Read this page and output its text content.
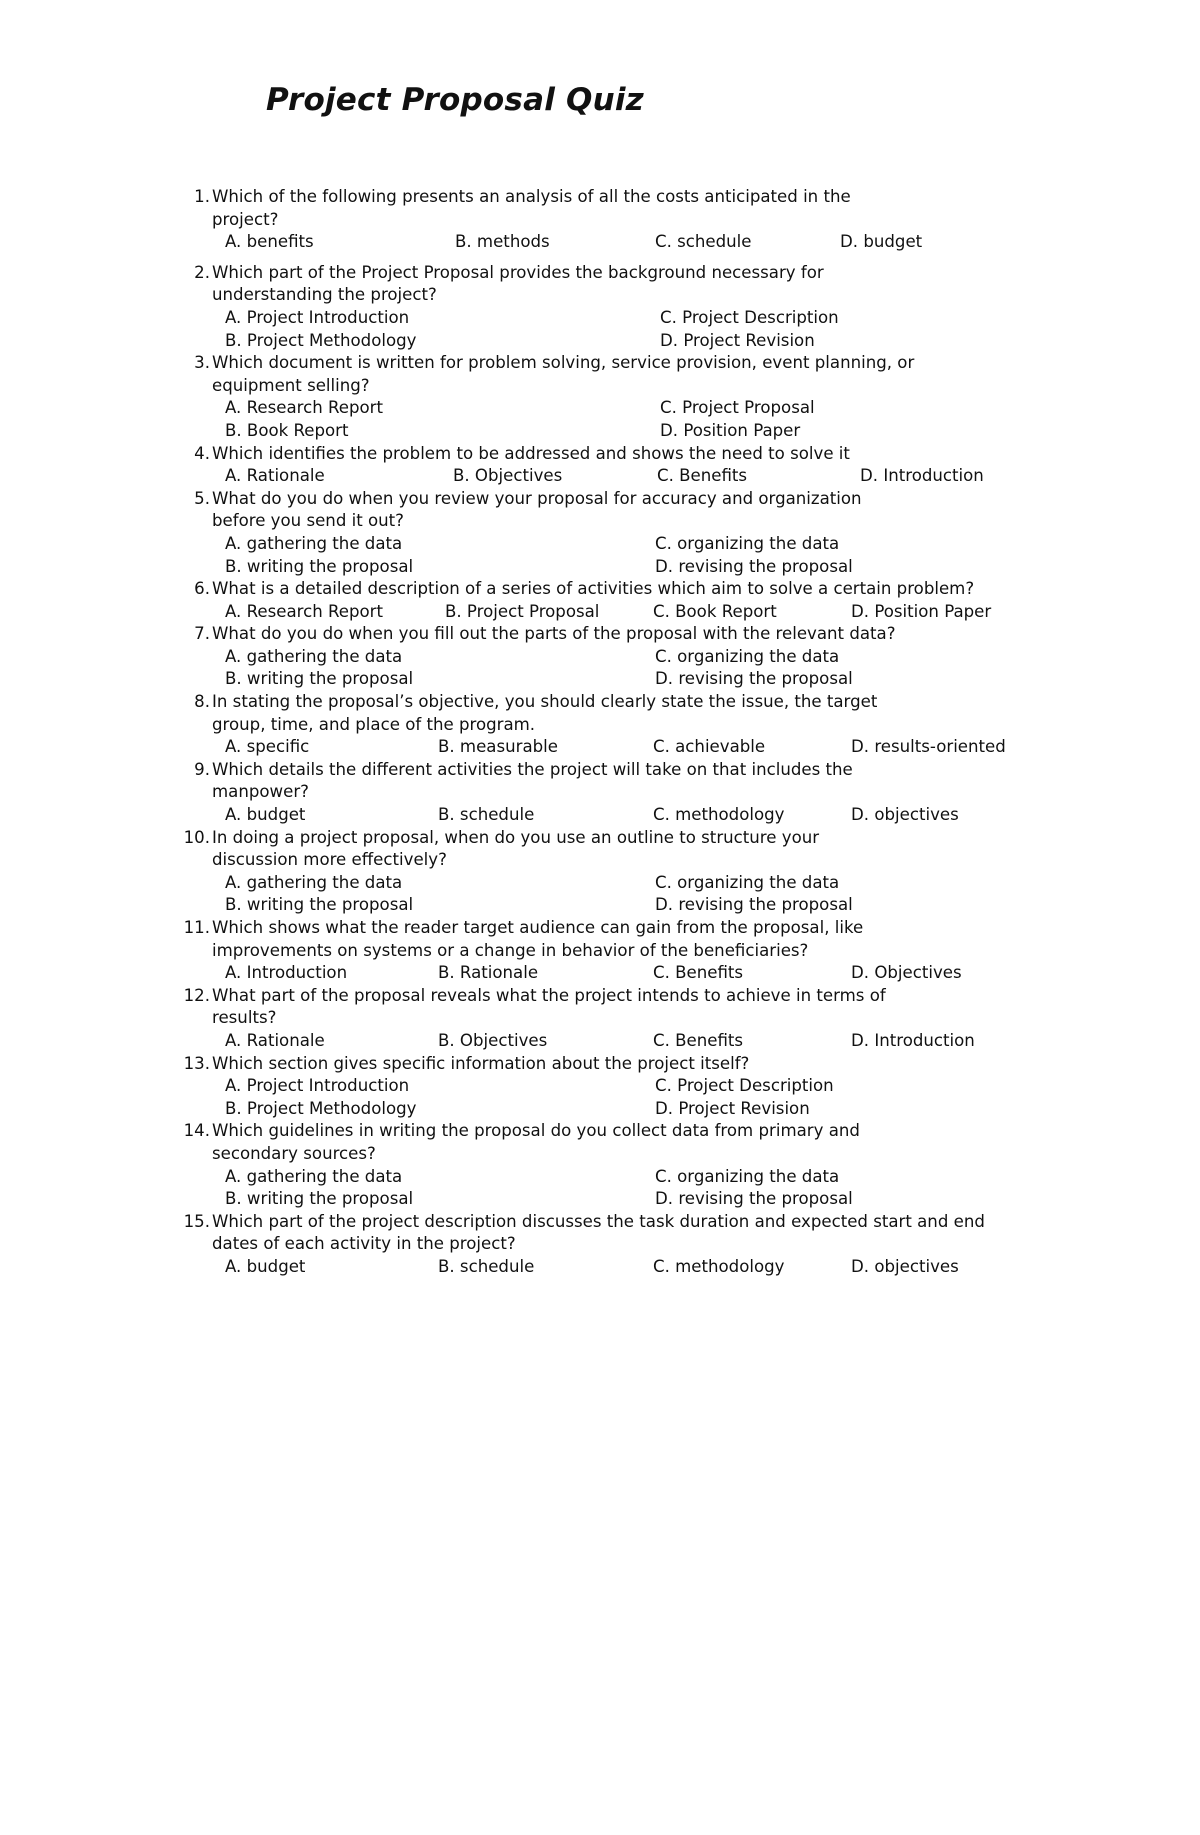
Project Proposal Quiz
1. Which of the following presents an analysis of all the costs anticipated in the project?
A. benefits	B. methods	C. schedule	D. budget
2. Which part of the Project Proposal provides the background necessary for understanding the project?
A. Project Introduction	C. Project Description
B. Project Methodology	D. Project Revision
3. Which document is written for problem solving, service provision, event planning, or equipment selling?
A. Research Report	C. Project Proposal
B. Book Report	D. Position Paper
4. Which identifies the problem to be addressed and shows the need to solve it
A. Rationale	B. Objectives	C. Benefits	D. Introduction
5. What do you do when you review your proposal for accuracy and organization before you send it out?
A. gathering the data	C. organizing the data
B. writing the proposal	D. revising the proposal
6. What is a detailed description of a series of activities which aim to solve a certain problem?
A. Research Report	B. Project Proposal	C. Book Report	D. Position Paper
7. What do you do when you fill out the parts of the proposal with the relevant data?
A. gathering the data	C. organizing the data
B. writing the proposal	D. revising the proposal
8. In stating the proposal’s objective, you should clearly state the issue, the target group, time, and place of the program.
A. specific	B. measurable	C. achievable	D. results-oriented
9. Which details the different activities the project will take on that includes the manpower?
A. budget	B. schedule	C. methodology	D. objectives
10. In doing a project proposal, when do you use an outline to structure your discussion more effectively?
A. gathering the data	C. organizing the data
B. writing the proposal	D. revising the proposal
11. Which shows what the reader target audience can gain from the proposal, like improvements on systems or a change in behavior of the beneficiaries?
A. Introduction	B. Rationale	C. Benefits	D. Objectives
12. What part of the proposal reveals what the project intends to achieve in terms of results?
A. Rationale	B. Objectives	C. Benefits	D. Introduction
13. Which section gives specific information about the project itself?
A. Project Introduction	C. Project Description
B. Project Methodology	D. Project Revision
14. Which guidelines in writing the proposal do you collect data from primary and secondary sources?
A. gathering the data	C. organizing the data
B. writing the proposal	D. revising the proposal
15. Which part of the project description discusses the task duration and expected start and end dates of each activity in the project?
A. budget	B. schedule	C. methodology	D. objectives
